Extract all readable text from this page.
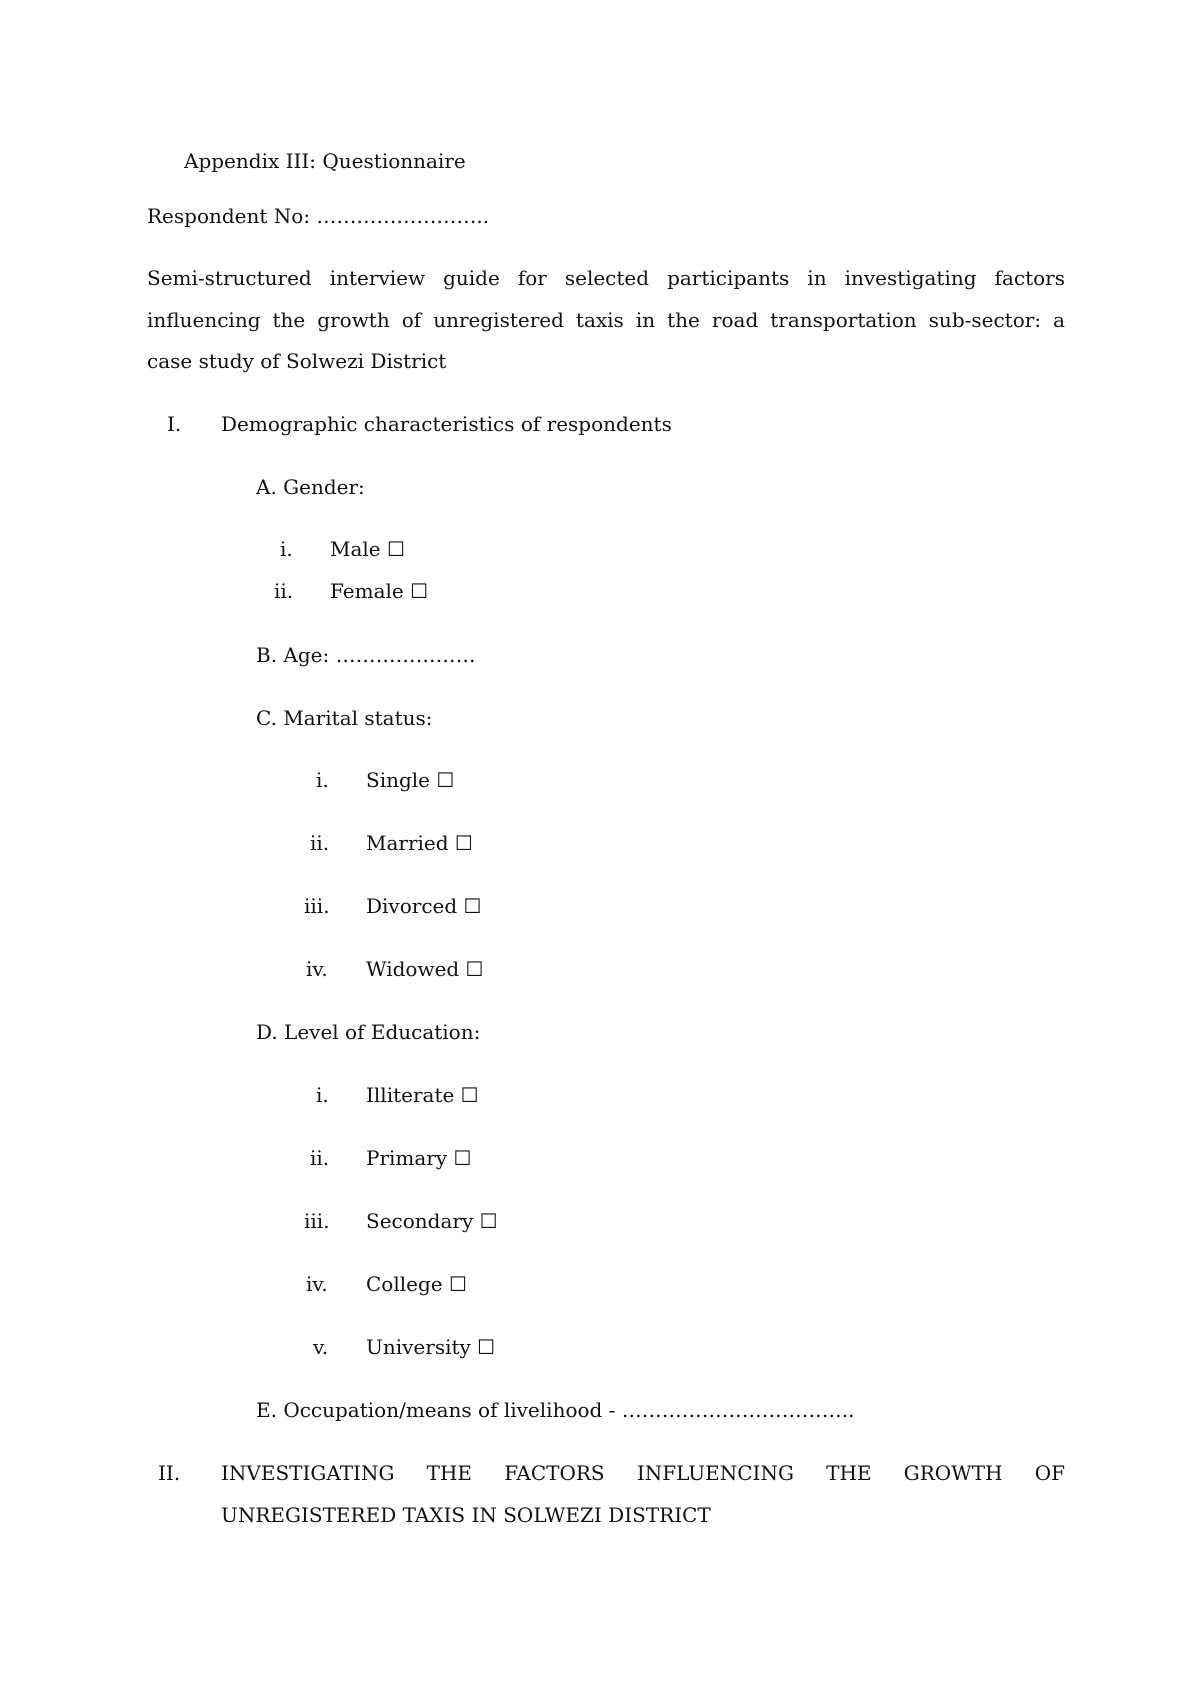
Appendix III: Questionnaire
Respondent No: ……………………..
Semi-structured interview guide for selected participants in investigating factors
influencing the growth of unregistered taxis in the road transportation sub-sector: a
case study of Solwezi District
I. Demographic characteristics of respondents
A. Gender:
i. Male ☐
ii. Female ☐
B. Age: …………………
C. Marital status:
i. Single ☐
ii. Married ☐
iii. Divorced ☐
iv. Widowed ☐
D. Level of Education:
i. Illiterate ☐
ii. Primary ☐
iii. Secondary ☐
iv. College ☐
v. University ☐
E. Occupation/means of livelihood - ……………………………..
II. INVESTIGATING THE FACTORS INFLUENCING THE GROWTH OF
UNREGISTERED TAXIS IN SOLWEZI DISTRICT
